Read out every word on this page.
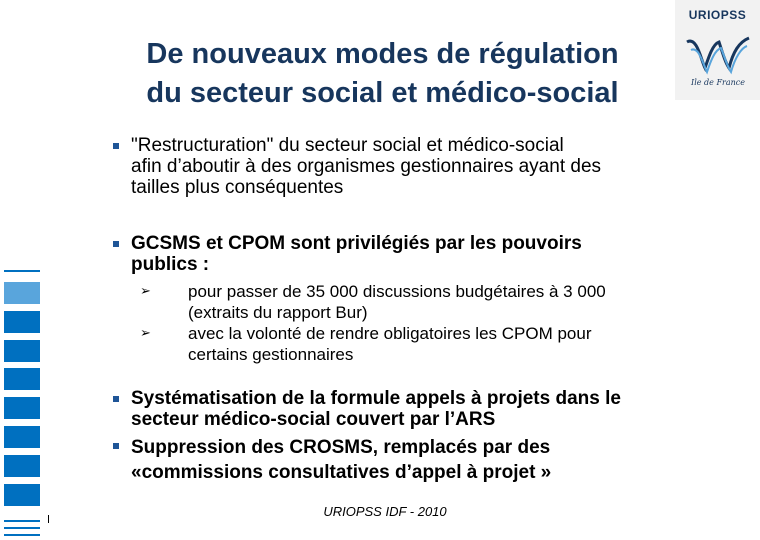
De nouveaux modes de régulation
du secteur social et médico-social
URIOPSS
Ile de France
"Restructuration" du secteur social et médico-social
afin d’aboutir à des organismes gestionnaires ayant des
tailles plus conséquentes
GCSMS et CPOM sont privilégiés par les pouvoirs
publics :
➢ pour passer de 35 000 discussions budgétaires à 3 000
(extraits du rapport Bur)
➢ avec la volonté de rendre obligatoires les CPOM pour
certains gestionnaires
Systématisation de la formule appels à projets dans le
secteur médico-social couvert par l’ARS
Suppression des CROSMS, remplacés par des
«commissions consultatives d’appel à projet »
URIOPSS IDF - 2010
